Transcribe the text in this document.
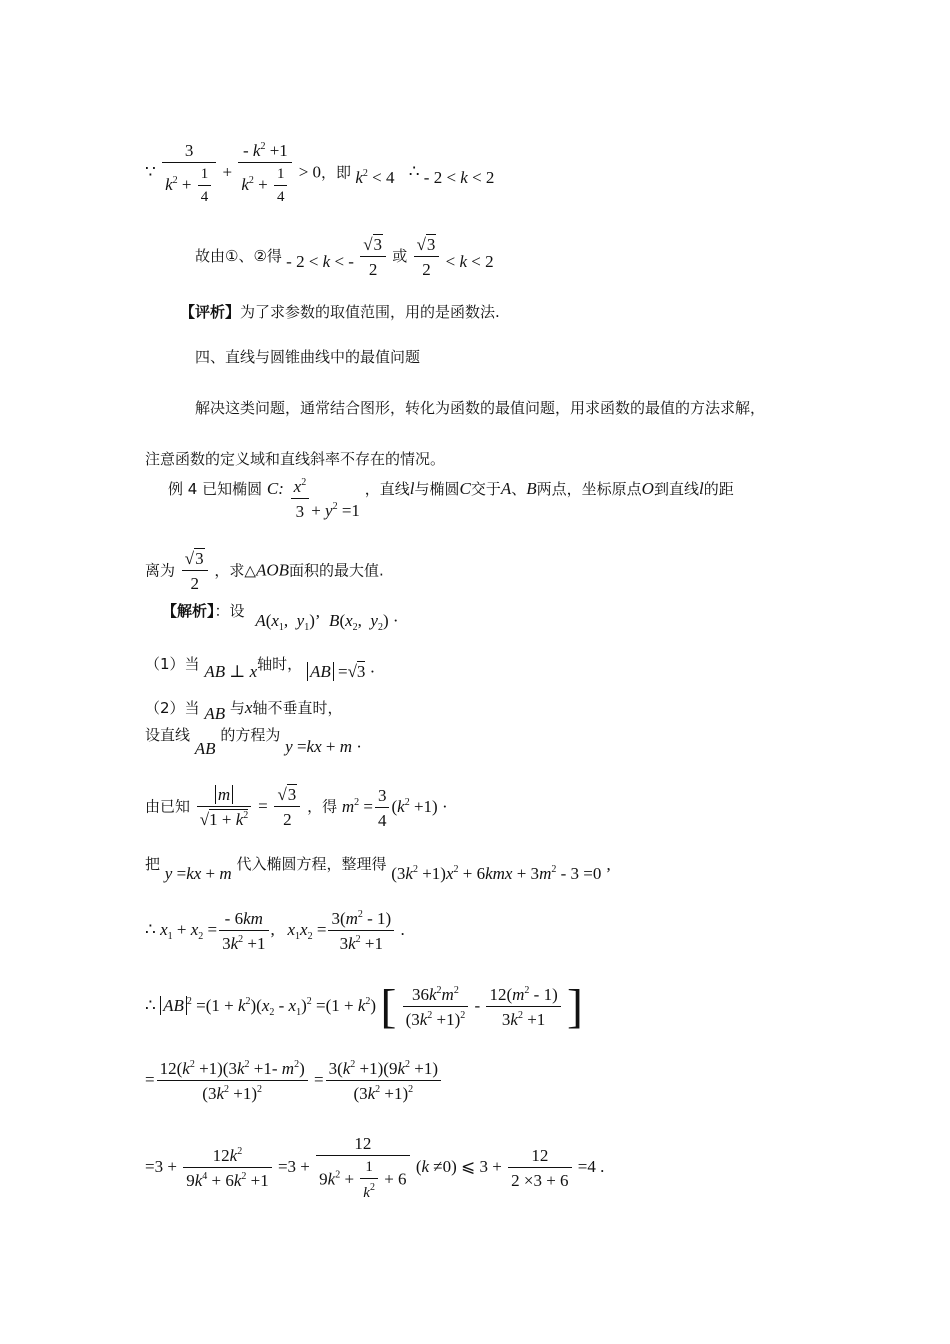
∵ $\frac{3}{k^2 + \frac{1}{4}} + \frac{- k^2 +1}{k^2 + \frac{1}{4}} > 0$，即 $k^2 < 4$ ∴ - 2 < k < 2
故由①、②得 - 2 < k < - $\frac{√3}{2}$ 或 $\frac{√3}{2} < k < 2$
【评析】为了求参数的取值范围，用的是函数法.
四、直线与圆锥曲线中的最值问题
解决这类问题，通常结合图形，转化为函数的最值问题，用求函数的最值的方法求解，
注意函数的定义域和直线斜率不存在的情况。
例 4 已知椭圆 C: $\frac{x^2}{3} + y^2 =1$ ，直线l与椭圆C交于A、B两点，坐标原点O到直线l的距
离为 $\frac{√3}{2}$ ，求△AOB面积的最大值.
【解析】：设 $A(x_1$,  $y_1$)’  $B(x_2$,  $y_2$) ·
（1）当 AB ⊥ x轴时， AB =√3 ·
（2）当 AB 与x轴不垂直时，
设直线 AB 的方程为 y =kx + m ·
由已知 $\frac{m}{√1 + k^2} = \frac{√3}{2}$ ，得 $m^2 = \frac{3}{4} (k^2 +1)$ ·
把 y =kx + m 代入椭圆方程，整理得 $(3k^2 +1)x^2 + 6kmx + 3m^2 - 3 =0$ ’
∴ $x_1 + x_2 = \frac{- 6km}{3k^2 +1}$ ,   $x_1x_2 = \frac{3(m^2 - 1)}{3k^2 +1}$ .
∴ AB $^2 =(1 + k^2)(x_2 - x_1)^2 =(1 + k^2)$ [ $\frac{36k^2m^2}{(3k^2 +1)^2} - \frac{12(m^2 - 1)}{3k^2 +1}$ ]
= $\frac{12(k^2 +1)(3k^2 +1- m^2)}{(3k^2 +1)^2} = \frac{3(k^2 +1)(9k^2 +1)}{(3k^2 +1)^2}$
$=3 + \frac{12k^2}{9k^4 + 6k^2 +1} =3 + \frac{12}{9k^2 + \frac{1}{k^2} + 6} (k \ne 0)$ ⩽ $3 + \frac{12}{2 \times 3 + 6} =4$ .
